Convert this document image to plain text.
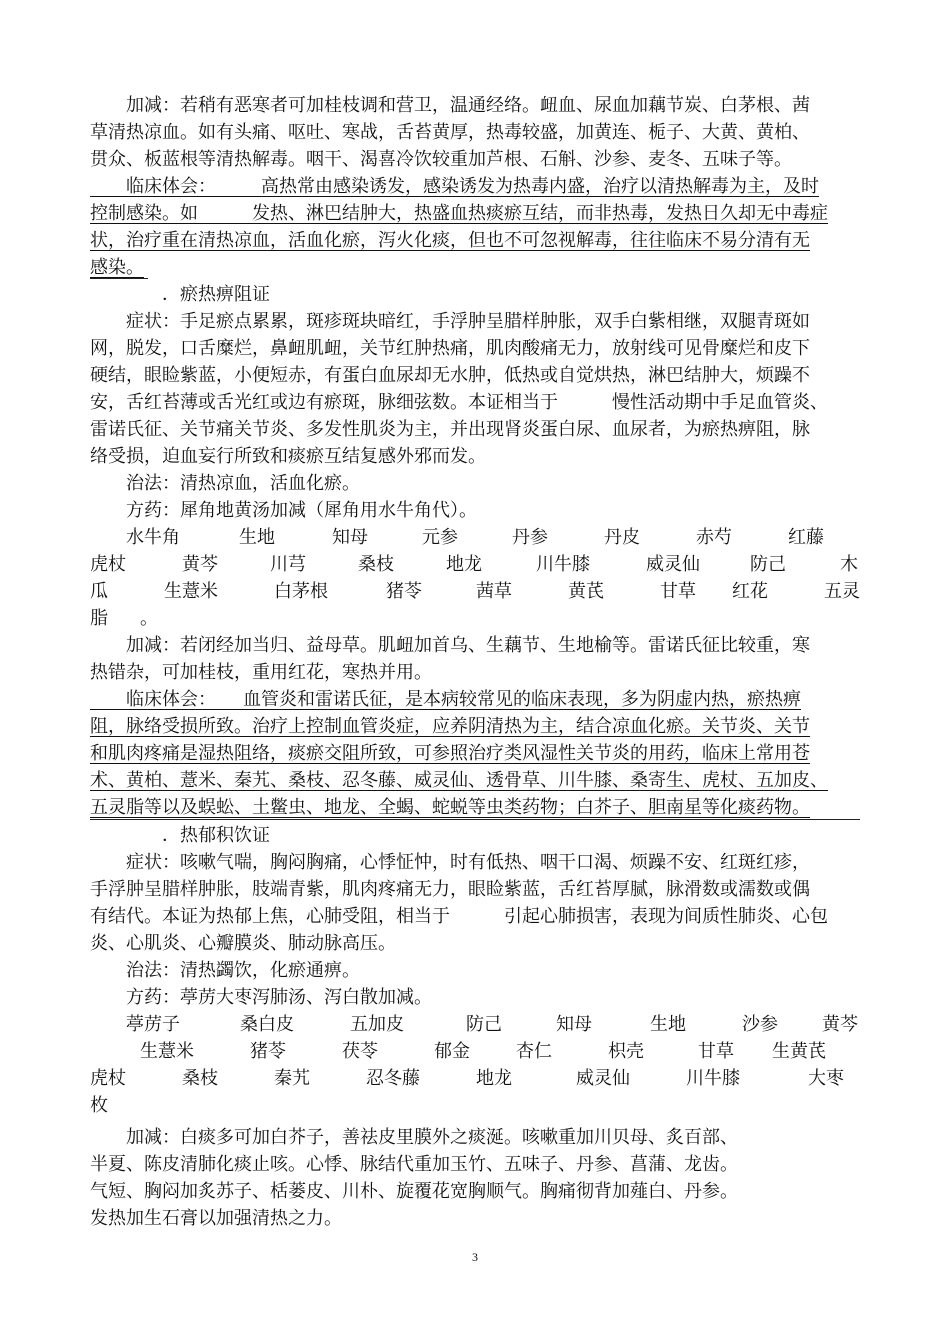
　　加减：若稍有恶寒者可加桂枝调和营卫，温通经络。衄血、尿血加藕节炭、白茅根、茜
草清热凉血。如有头痛、呕吐、寒战，舌苔黄厚，热毒较盛，加黄连、栀子、大黄、黄柏、
贯众、板蓝根等清热解毒。咽干、渴喜冷饮较重加芦根、石斛、沙参、麦冬、五味子等。
　　临床体会：　　　高热常由感染诱发，感染诱发为热毒内盛，治疗以清热解毒为主，及时
控制感染。如　　　发热、淋巴结肿大，热盛血热痰瘀互结，而非热毒，发热日久却无中毒症
状，治疗重在清热凉血，活血化瘀，泻火化痰，但也不可忽视解毒，往往临床不易分清有无
感染。
　　　　．瘀热痹阻证
　　症状：手足瘀点累累，斑疹斑块暗红，手浮肿呈腊样肿胀，双手白紫相继，双腿青斑如
网，脱发，口舌糜烂，鼻衄肌衄，关节红肿热痛，肌肉酸痛无力，放射线可见骨糜烂和皮下
硬结，眼睑紫蓝，小便短赤，有蛋白血尿却无水肿，低热或自觉烘热，淋巴结肿大，烦躁不
安，舌红苔薄或舌光红或边有瘀斑，脉细弦数。本证相当于　　　慢性活动期中手足血管炎、
雷诺氏征、关节痛关节炎、多发性肌炎为主，并出现肾炎蛋白尿、血尿者，为瘀热痹阻，脉
络受损，迫血妄行所致和痰瘀互结复感外邪而发。
　　治法：清热凉血，活血化瘀。
　　方药：犀角地黄汤加减（犀角用水牛角代）。
水牛角	生地	知母	元参	丹参	丹皮	赤芍	红藤
虎杖	黄芩	川芎	桑枝	地龙	川牛膝	威灵仙	防己	木
瓜	生薏米	白茅根	猪苓	茜草	黄芪	甘草 红花	五灵
脂 。
　　加减：若闭经加当归、益母草。肌衄加首乌、生藕节、生地榆等。雷诺氏征比较重，寒
热错杂，可加桂枝，重用红花，寒热并用。
　　临床体会：　　血管炎和雷诺氏征，是本病较常见的临床表现，多为阴虚内热，瘀热痹
阻，脉络受损所致。治疗上控制血管炎症，应养阴清热为主，结合凉血化瘀。关节炎、关节
和肌肉疼痛是湿热阻络，痰瘀交阻所致，可参照治疗类风湿性关节炎的用药，临床上常用苍
术、黄柏、薏米、秦艽、桑枝、忍冬藤、威灵仙、透骨草、川牛膝、桑寄生、虎杖、五加皮、
五灵脂等以及蜈蚣、土鳖虫、地龙、全蝎、蛇蜕等虫类药物；白芥子、胆南星等化痰药物。
　　　　．热郁积饮证
　　症状：咳嗽气喘，胸闷胸痛，心悸怔忡，时有低热、咽干口渴、烦躁不安、红斑红疹，
手浮肿呈腊样肿胀，肢端青紫，肌肉疼痛无力，眼睑紫蓝，舌红苔厚腻，脉滑数或濡数或偶
有结代。本证为热郁上焦，心肺受阻，相当于　　　引起心肺损害，表现为间质性肺炎、心包
炎、心肌炎、心瓣膜炎、肺动脉高压。
　　治法：清热蠲饮，化瘀通痹。
　　方药：葶苈大枣泻肺汤、泻白散加减。
葶苈子	桑白皮	五加皮	防己	知母	生地	沙参 黄芩
生薏米	猪苓	茯苓	郁金	杏仁	枳壳	甘草 生黄芪
虎杖	桑枝	秦艽	忍冬藤	地龙	威灵仙	川牛膝	大枣
枚
　　加减：白痰多可加白芥子，善祛皮里膜外之痰涎。咳嗽重加川贝母、炙百部、
半夏、陈皮清肺化痰止咳。心悸、脉结代重加玉竹、五味子、丹参、菖蒲、龙齿。
气短、胸闷加炙苏子、栝蒌皮、川朴、旋覆花宽胸顺气。胸痛彻背加薤白、丹参。
发热加生石膏以加强清热之力。
3
